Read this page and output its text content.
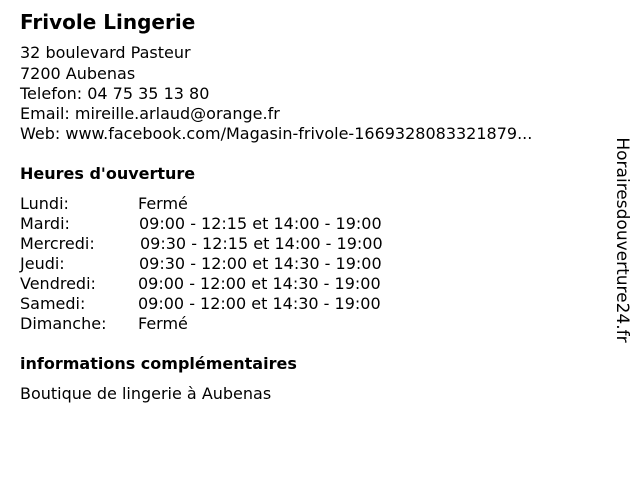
Frivole Lingerie
32 boulevard Pasteur
7200 Aubenas
Telefon: 04 75 35 13 80
Email: mireille.arlaud@orange.fr
Web: www.facebook.com/Magasin-frivole-1669328083321879...
Heures d'ouverture
Lundi:	Fermé
Mardi:	09:00 - 12:15 et 14:00 - 19:00
Mercredi:	09:30 - 12:15 et 14:00 - 19:00
Jeudi:	09:30 - 12:00 et 14:30 - 19:00
Vendredi:	09:00 - 12:00 et 14:30 - 19:00
Samedi:	09:00 - 12:00 et 14:30 - 19:00
Dimanche: Fermé
informations complémentaires
Boutique de lingerie à Aubenas
Horairesdouverture24.fr
